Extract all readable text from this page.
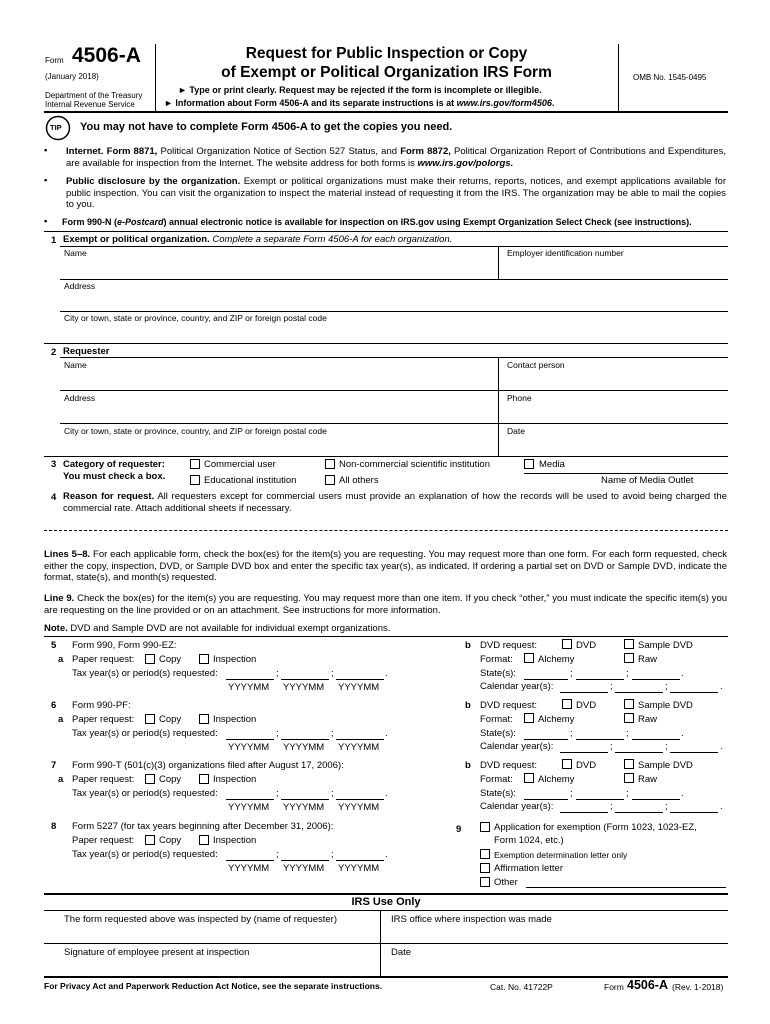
Form 4506-A
(January 2018)
Department of the Treasury
Internal Revenue Service
Request for Public Inspection or Copy
of Exempt or Political Organization IRS Form
► Type or print clearly. Request may be rejected if the form is incomplete or illegible.
► Information about Form 4506-A and its separate instructions is at www.irs.gov/form4506.
OMB No. 1545-0495
TIP You may not have to complete Form 4506-A to get the copies you need.
• Internet. Form 8871, Political Organization Notice of Section 527 Status, and Form 8872, Political Organization Report of Contributions and Expenditures, are available for inspection from the Internet. The website address for both forms is www.irs.gov/polorgs.

• Public disclosure by the organization. Exempt or political organizations must make their returns, reports, notices, and exempt applications available for public inspection. You can visit the organization to inspect the material instead of requesting it from the IRS. The organization may be able to mail the copies to you.

• Form 990-N (e-Postcard) annual electronic notice is available for inspection on IRS.gov using Exempt Organization Select Check (see instructions).

1 Exempt or political organization. Complete a separate Form 4506-A for each organization.
Name	Employer identification number
Address
City or town, state or province, country, and ZIP or foreign postal code
2 Requester
Name	Contact person
Address	Phone
City or town, state or province, country, and ZIP or foreign postal code	Date
3 Category of requester:
You must check a box.
Commercial user	Non-commercial scientific institution	Media
Educational institution	All others	Name of Media Outlet
4 Reason for request. All requesters except for commercial users must provide an explanation of how the records will be used to avoid being charged the commercial rate. Attach additional sheets if necessary.

Lines 5–8. For each applicable form, check the box(es) for the item(s) you are requesting. You may request more than one form. For each form requested, check either the copy, inspection, DVD, or Sample DVD box and enter the specific tax year(s), as indicated. If ordering a partial set on DVD or Sample DVD, indicate the format, state(s), and month(s) requested.

Line 9. Check the box(es) for the item(s) you are requesting. You may request more than one item. If you check “other,” you must indicate the specific item(s) you are requesting on the line provided or on an attachment. See instructions for more information.

Note. DVD and Sample DVD are not available for individual exempt organizations.

5 Form 990, Form 990-EZ:
a Paper request:	Copy	Inspection
Tax year(s) or period(s) requested:	;	;	.
YYYYMM YYYYMM YYYYMM
b DVD request:	DVD	Sample DVD
Format:	Alchemy	Raw
State(s):	;	;	.
Calendar year(s):	;	;	.
6 Form 990-PF:
a Paper request:	Copy	Inspection
Tax year(s) or period(s) requested:	;	;	.
YYYYMM YYYYMM YYYYMM
b DVD request:	DVD	Sample DVD
Format:	Alchemy	Raw
State(s):	;	;	.
Calendar year(s):	;	;	.
7 Form 990-T (501(c)(3) organizations filed after August 17, 2006):
a Paper request:	Copy	Inspection
Tax year(s) or period(s) requested:	;	;	.
YYYYMM YYYYMM YYYYMM
b DVD request:	DVD	Sample DVD
Format:	Alchemy	Raw
State(s):	;	;	.
Calendar year(s):	;	;	.
8 Form 5227 (for tax years beginning after December 31, 2006):
Paper request:	Copy	Inspection
Tax year(s) or period(s) requested:	;	;	.
YYYYMM YYYYMM YYYYMM
9	Application for exemption (Form 1023, 1023-EZ,
Form 1024, etc.)
Exemption determination letter only
Affirmation letter
Other
IRS Use Only
The form requested above was inspected by (name of requester)	IRS office where inspection was made
Signature of employee present at inspection	Date
For Privacy Act and Paperwork Reduction Act Notice, see the separate instructions.	Cat. No. 41722P	Form 4506-A (Rev. 1-2018)
